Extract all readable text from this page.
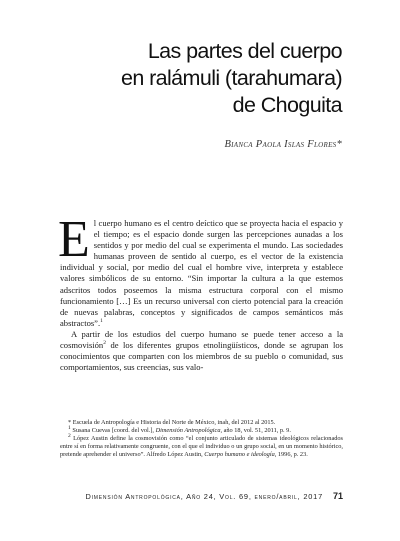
Las partes del cuerpo
en ralámuli (tarahumara)
de Choguita
Bianca Paola Islas Flores*

El cuerpo humano es el centro deíctico que se proyecta hacia el espacio y el tiempo; es el espacio donde surgen las percepciones aunadas a los sentidos y por medio del cual se experimenta el mundo. Las sociedades humanas proveen de sentido al cuerpo, es el vector de la existencia individual y social, por medio del cual el hombre vive, interpreta y establece valores simbólicos de su entorno. “Sin importar la cultura a la que estemos adscritos todos poseemos la misma estructura corporal con el mismo funcionamiento […] Es un recurso universal con cierto potencial para la creación de nuevas palabras, conceptos y significados de campos semánticos más abstractos”.$^1$

A partir de los estudios del cuerpo humano se puede tener acceso a la cosmovisión$^2$ de los diferentes grupos etnolingüísticos, donde se agrupan los conocimientos que comparten con los miembros de su pueblo o comunidad, sus comportamientos, sus creencias, sus valo-

* Escuela de Antropología e Historia del Norte de México, inah, del 2012 al 2015.

1 Susana Cuevas [coord. del vol.], Dimensión Antropológica, año 18, vol. 51, 2011, p. 9.

2 López Austin define la cosmovisión como “el conjunto articulado de sistemas ideológicos relacionados entre sí en forma relativamente congruente, con el que el individuo o un grupo social, en un momento histórico, pretende aprehender el universo”. Alfredo López Austin, Cuerpo humano e ideología, 1996, p. 23.

Dimensión Antropológica, Año 24, Vol. 69, enero/abril, 2017 71
